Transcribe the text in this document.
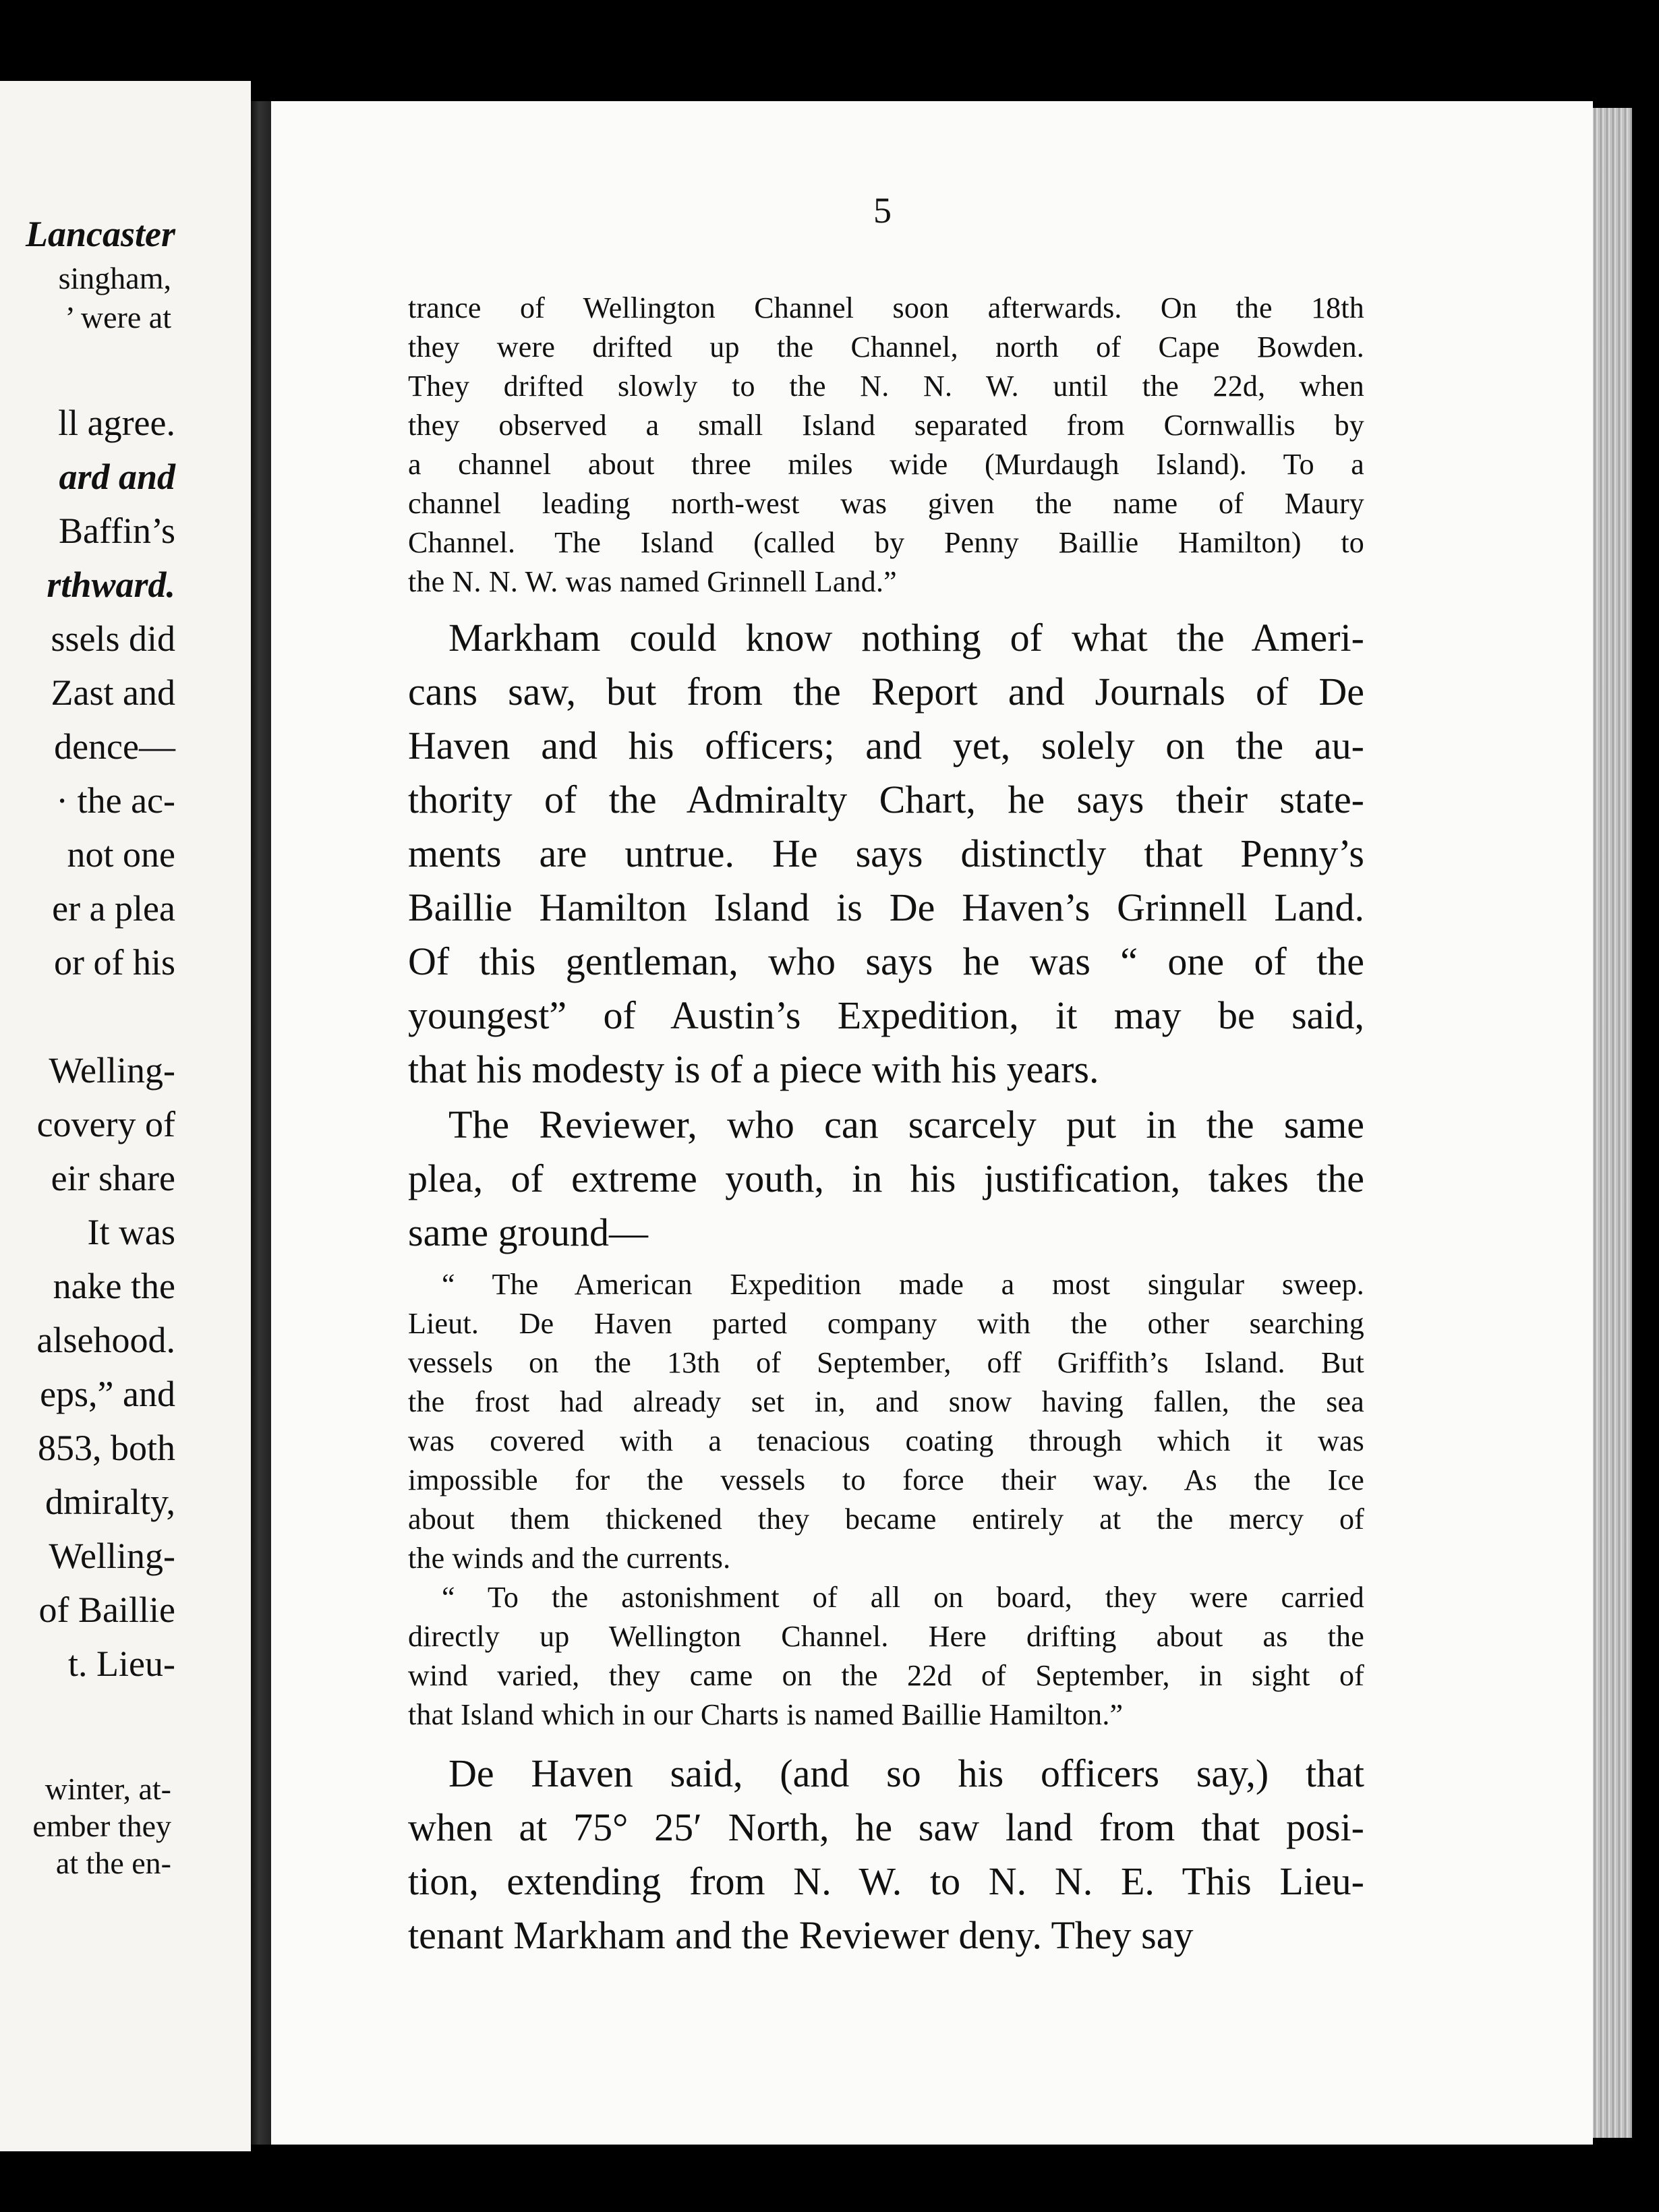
Lancaster
singham,
’ were at
ll agree.
ard and
Baffin’s
rthward.
ssels did
Zast and
dence—
· the ac-
not one
er a plea
or of his
Welling-
covery of
eir share
It was
nake the
alsehood.
eps,” and
853, both
dmiralty,
Welling-
of Baillie
t. Lieu-
winter, at-
ember they
at the en-
5
trance of Wellington Channel soon afterwards. On the 18th
they were drifted up the Channel, north of Cape Bowden.
They drifted slowly to the N. N. W. until the 22d, when
they observed a small Island separated from Cornwallis by
a channel about three miles wide (Murdaugh Island). To a
channel leading north-west was given the name of Maury
Channel. The Island (called by Penny Baillie Hamilton) to
the N. N. W. was named Grinnell Land.”
Markham could know nothing of what the Ameri-
cans saw, but from the Report and Journals of De
Haven and his officers; and yet, solely on the au-
thority of the Admiralty Chart, he says their state-
ments are untrue. He says distinctly that Penny’s
Baillie Hamilton Island is De Haven’s Grinnell Land.
Of this gentleman, who says he was “ one of the
youngest” of Austin’s Expedition, it may be said,
that his modesty is of a piece with his years.
The Reviewer, who can scarcely put in the same
plea, of extreme youth, in his justification, takes the
same ground—
“ The American Expedition made a most singular sweep.
Lieut. De Haven parted company with the other searching
vessels on the 13th of September, off Griffith’s Island. But
the frost had already set in, and snow having fallen, the sea
was covered with a tenacious coating through which it was
impossible for the vessels to force their way. As the Ice
about them thickened they became entirely at the mercy of
the winds and the currents.
“ To the astonishment of all on board, they were carried
directly up Wellington Channel. Here drifting about as the
wind varied, they came on the 22d of September, in sight of
that Island which in our Charts is named Baillie Hamilton.”
De Haven said, (and so his officers say,) that
when at 75° 25′ North, he saw land from that posi-
tion, extending from N. W. to N. N. E. This Lieu-
tenant Markham and the Reviewer deny. They say
